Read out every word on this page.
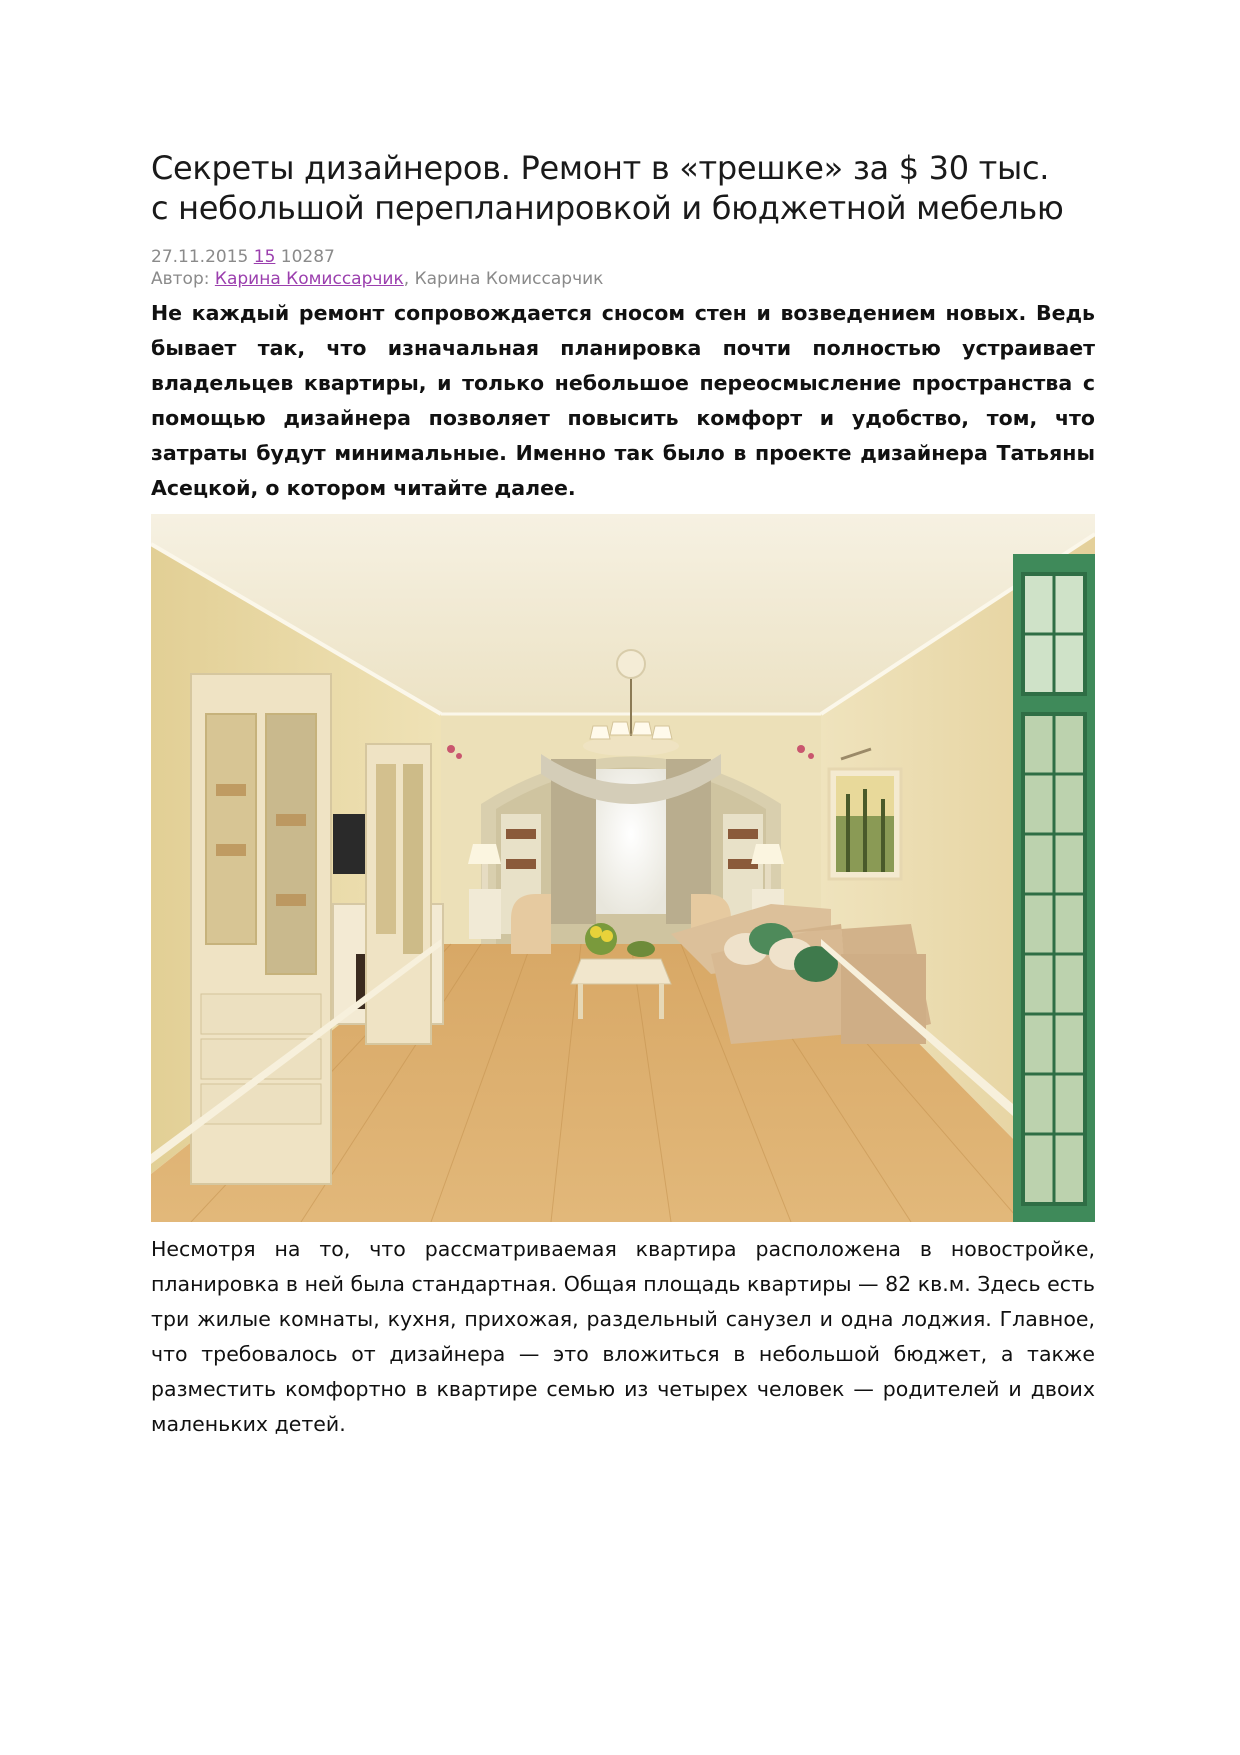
Секреты дизайнеров. Ремонт в «трешке» за $ 30 тыс.
с небольшой перепланировкой и бюджетной мебелью
27.11.2015 15 10287
Автор: Карина Комиссарчик, Карина Комиссарчик

Не каждый ремонт сопровождается сносом стен и возведением новых. Ведь бывает так, что изначальная планировка почти полностью устраивает владельцев квартиры, и только небольшое переосмысление пространства с помощью дизайнера позволяет повысить комфорт и удобство, том, что затраты будут минимальные. Именно так было в проекте дизайнера Татьяны Асецкой, о котором читайте далее.

Несмотря на то, что рассматриваемая квартира расположена в новостройке, планировка в ней была стандартная. Общая площадь квартиры — 82 кв.м. Здесь есть три жилые комнаты, кухня, прихожая, раздельный санузел и одна лоджия. Главное, что требовалось от дизайнера — это вложиться в небольшой бюджет, а также разместить комфортно в квартире семью из четырех человек — родителей и двоих маленьких детей.
